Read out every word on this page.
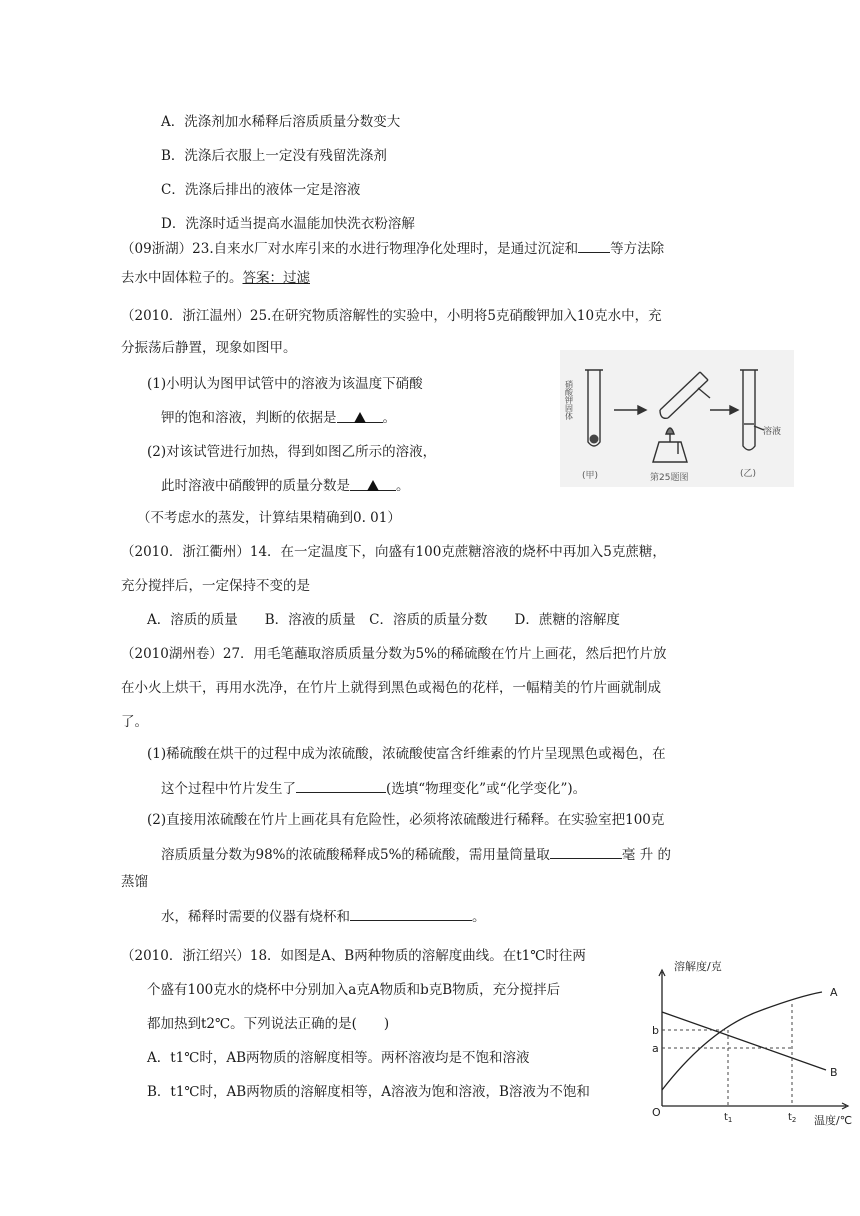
A．洗涤剂加水稀释后溶质质量分数变大
B．洗涤后衣服上一定没有残留洗涤剂
C．洗涤后排出的液体一定是溶液
D．洗涤时适当提高水温能加快洗衣粉溶解
（09浙湖）23.自来水厂对水库引来的水进行物理净化处理时，是通过沉淀和 等方法除
去水中固体粒子的。答案：过滤
（2010．浙江温州）25.在研究物质溶解性的实验中，小明将5克硝酸钾加入10克水中，充
分振荡后静置，现象如图甲。
(1)小明认为图甲试管中的溶液为该温度下硝酸
钾的饱和溶液，判断的依据是	。
(2)对该试管进行加热，得到如图乙所示的溶液，
此时溶液中硝酸钾的质量分数是	。
（不考虑水的蒸发，计算结果精确到0. 01）
硝酸钾固体
溶液
(甲)	第25题图	(乙)
（2010．浙江衢州）14．在一定温度下，向盛有100克蔗糖溶液的烧杯中再加入5克蔗糖，
充分搅拌后，一定保持不变的是
A．溶质的质量　　B．溶液的质量　C．溶质的质量分数　　D．蔗糖的溶解度
（2010湖州卷）27．用毛笔蘸取溶质质量分数为5%的稀硫酸在竹片上画花，然后把竹片放
在小火上烘干，再用水洗净，在竹片上就得到黑色或褐色的花样，一幅精美的竹片画就制成
了。
(1)稀硫酸在烘干的过程中成为浓硫酸，浓硫酸使富含纤维素的竹片呈现黑色或褐色，在
这个过程中竹片发生了	(选填“物理变化”或“化学变化”)。
(2)直接用浓硫酸在竹片上画花具有危险性，必须将浓硫酸进行稀释。在实验室把100克
溶质质量分数为98%的浓硫酸稀释成5%的稀硫酸，需用量筒量取	毫 升 的
蒸馏
水，稀释时需要的仪器有烧杯和	。
（2010．浙江绍兴）18．如图是A、B两种物质的溶解度曲线。在t1℃时往两
个盛有100克水的烧杯中分别加入a克A物质和b克B物质，充分搅拌后
都加热到t2℃。下列说法正确的是(　　)
A．t1℃时，AB两物质的溶解度相等。两杯溶液均是不饱和溶液
B．t1℃时，AB两物质的溶解度相等，A溶液为饱和溶液，B溶液为不饱和
溶解度/克
温度/℃
O
A
B
b
a
$t_1$	$t_2$
